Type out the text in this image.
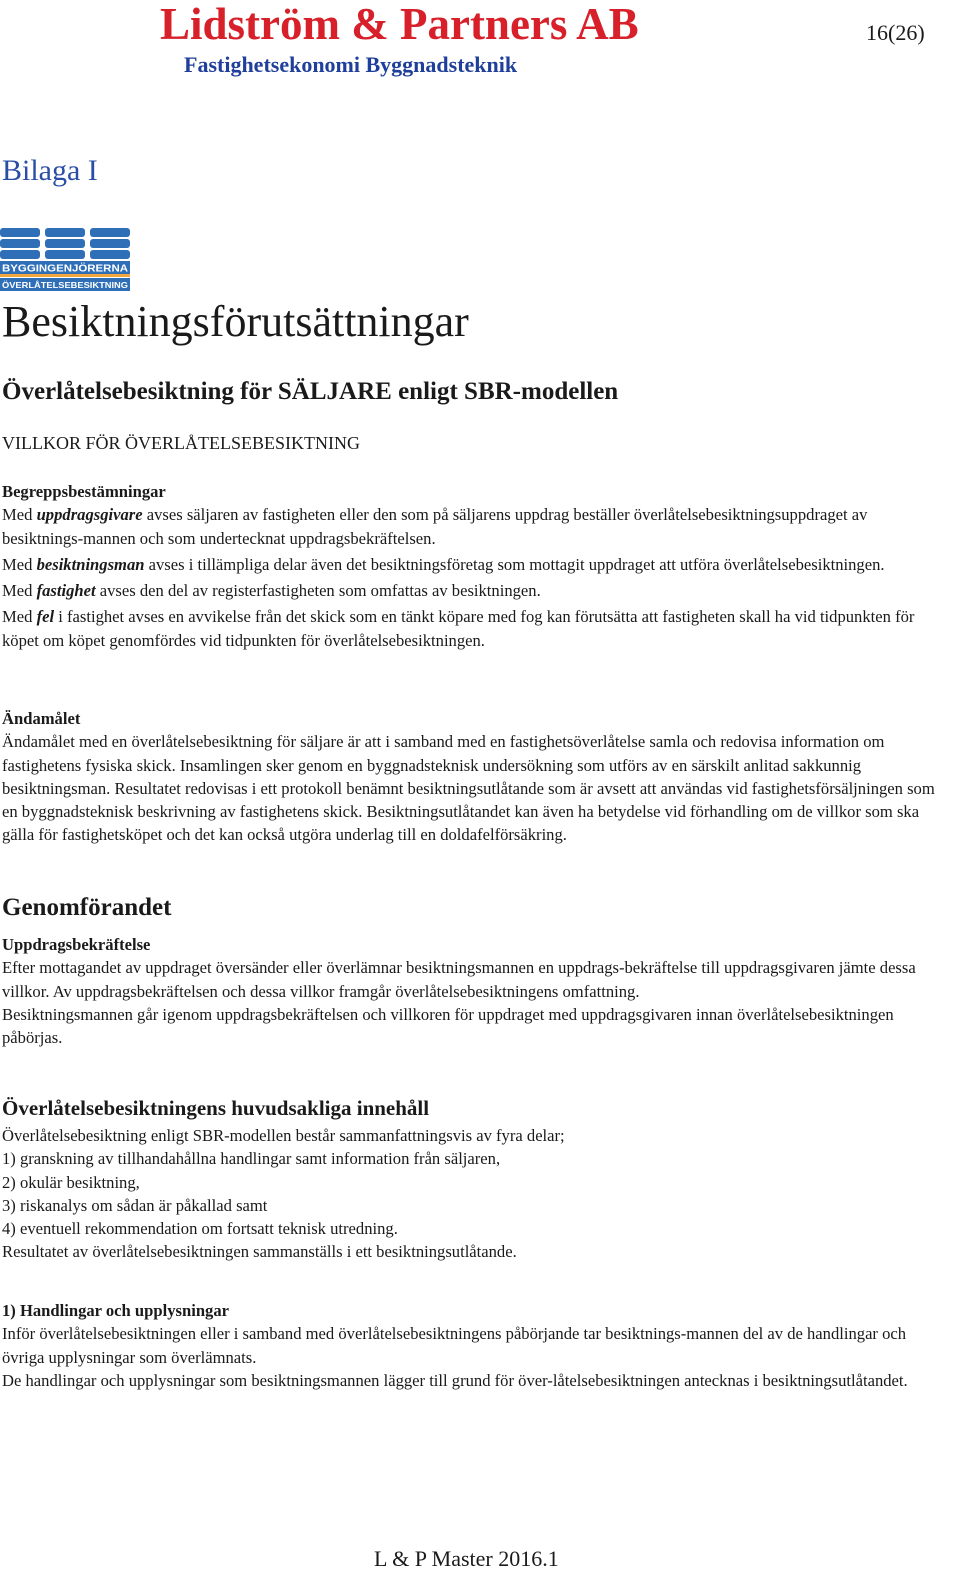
Lidström & Partners AB
Fastighetsekonomi Byggnadsteknik
16(26)
Bilaga I
BYGGINGENJÖRERNA
ÖVERLÅTELSEBESIKTNING
Besiktningsförutsättningar
Överlåtelsebesiktning för SÄLJARE enligt SBR-modellen
VILLKOR FÖR ÖVERLÅTELSEBESIKTNING

Begreppsbestämningar

Med uppdragsgivare avses säljaren av fastigheten eller den som på säljarens uppdrag beställer överlåtelsebesiktningsuppdraget av besiktnings-mannen och som undertecknat uppdragsbekräftelsen.

Med besiktningsman avses i tillämpliga delar även det besiktningsföretag som mottagit uppdraget att utföra överlåtelsebesiktningen.

Med fastighet avses den del av registerfastigheten som omfattas av besiktningen.

Med fel i fastighet avses en avvikelse från det skick som en tänkt köpare med fog kan förutsätta att fastigheten skall ha vid tidpunkten för köpet om köpet genomfördes vid tidpunkten för överlåtelsebesiktningen.

Ändamålet

Ändamålet med en överlåtelsebesiktning för säljare är att i samband med en fastighetsöverlåtelse samla och redovisa information om fastighetens fysiska skick. Insamlingen sker genom en byggnadsteknisk undersökning som utförs av en särskilt anlitad sakkunnig besiktningsman. Resultatet redovisas i ett protokoll benämnt besiktningsutlåtande som är avsett att användas vid fastighetsförsäljningen som en byggnadsteknisk beskrivning av fastighetens skick. Besiktningsutlåtandet kan även ha betydelse vid förhandling om de villkor som ska gälla för fastighetsköpet och det kan också utgöra underlag till en doldafelförsäkring.

Genomförandet

Uppdragsbekräftelse

Efter mottagandet av uppdraget översänder eller överlämnar besiktningsmannen en uppdrags-bekräftelse till uppdragsgivaren jämte dessa villkor. Av uppdragsbekräftelsen och dessa villkor framgår överlåtelsebesiktningens omfattning.

Besiktningsmannen går igenom uppdragsbekräftelsen och villkoren för uppdraget med uppdragsgivaren innan överlåtelsebesiktningen påbörjas.

Överlåtelsebesiktningens huvudsakliga innehåll

Överlåtelsebesiktning enligt SBR-modellen består sammanfattningsvis av fyra delar;

1) granskning av tillhandahållna handlingar samt information från säljaren,

2) okulär besiktning,

3) riskanalys om sådan är påkallad samt

4) eventuell rekommendation om fortsatt teknisk utredning.

Resultatet av överlåtelsebesiktningen sammanställs i ett besiktningsutlåtande.

1) Handlingar och upplysningar

Inför överlåtelsebesiktningen eller i samband med överlåtelsebesiktningens påbörjande tar besiktnings-mannen del av de handlingar och övriga upplysningar som överlämnats.

De handlingar och upplysningar som besiktningsmannen lägger till grund för över-låtelsebesiktningen antecknas i besiktningsutlåtandet.

L & P Master 2016.1
